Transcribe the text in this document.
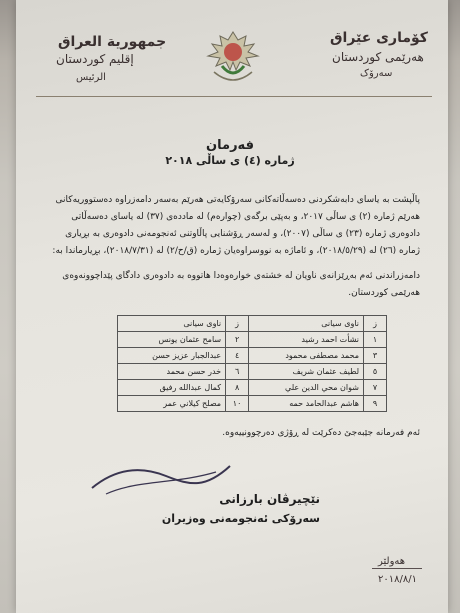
جمهورية العراق
إقليم كوردستان
الرئيس
كۆماری عێراق
هەرێمی کوردستان
سەرۆک
فەرمان
ژمارە (٤) ی ساڵی ٢٠١٨
پاڵپشت بە یاسای دابەشکردنی دەسەڵاتەکانی سەرۆکایەتی هەرێم بەسەر دامەزراوە دەستووریەکانی
هەرێم ژمارە (٢) ی ساڵی ٢٠١٧، و بەپێی برگەی (چوارەم) لە ماددەی (٣٧) لە یاسای دەسەڵاتی
دادوەری ژمارە (٢٣) ی ساڵی (٢٠٠٧)، و لەسەر ڕۆشنایی پاڵاوتنی ئەنجومەنی دادوەری بە بڕیاری
ژمارە (٢٦) لە (٢٠١٨/٥/٢٩)، و ئاماژە بە نووسراوەیان ژمارە (ق/ح/٢) لە (٢٠١٨/٧/٣١)، بڕیارماندا بە:
دامەزراندنی ئەم بەڕێزانەی ناویان لە خشتەی خوارەوەدا هاتووە بە دادوەری دادگای پێداچوونەوەی
هەرێمی کوردستان.
ز	ناوی سیانی	ز	ناوی سیانی
١	نشأت احمد رشيد	٢	سامح عثمان يونس
٣	محمد مصطفى محمود	٤	عبدالجبار عزيز حسن
٥	لطيف عثمان شريف	٦	خدر حسن محمد
٧	شوان محي الدين علي	٨	كمال عبدالله رفيق
٩	هاشم عبدالحامد حمه	١٠	مصلح كيلاني عمر
ئەم فەرمانە جێبەجێ دەکرێت لە ڕۆژی دەرچوونییەوە.
نێچیرڤان بارزانی
سەرۆکی ئەنجومەنی وەزیران
هەولێر
٢٠١٨/٨/١
